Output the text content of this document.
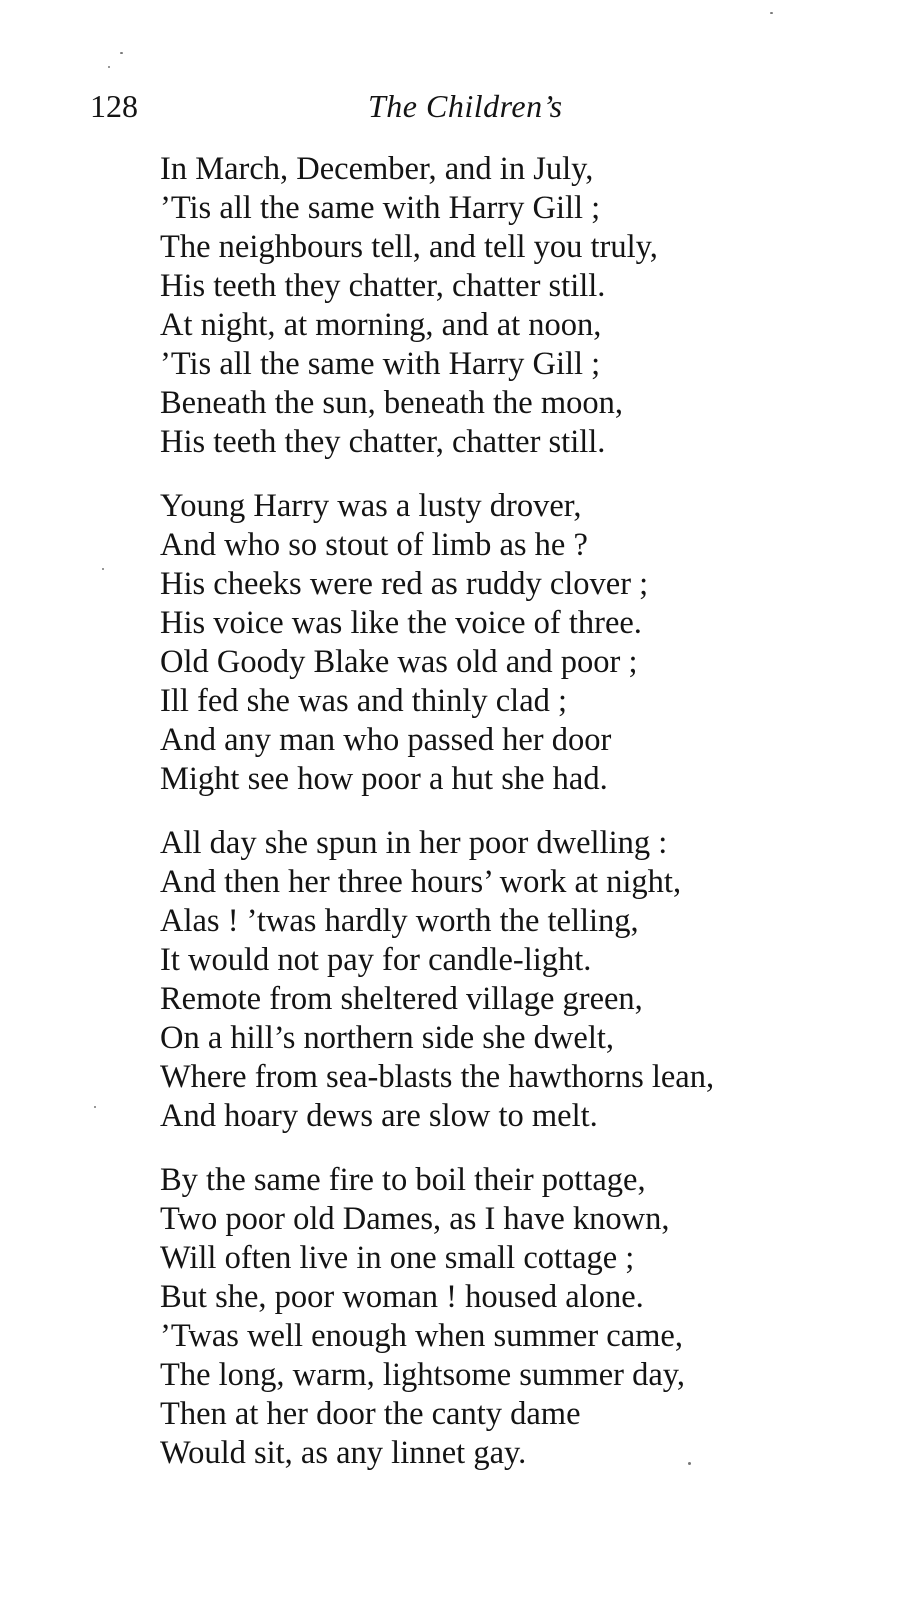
128	The Children’s

In March, December, and in July,
’Tis all the same with Harry Gill ;
The neighbours tell, and tell you truly,
His teeth they chatter, chatter still.
At night, at morning, and at noon,
’Tis all the same with Harry Gill ;
Beneath the sun, beneath the moon,
His teeth they chatter, chatter still.

Young Harry was a lusty drover,
And who so stout of limb as he ?
His cheeks were red as ruddy clover ;
His voice was like the voice of three.
Old Goody Blake was old and poor ;
Ill fed she was and thinly clad ;
And any man who passed her door
Might see how poor a hut she had.

All day she spun in her poor dwelling :
And then her three hours’ work at night,
Alas ! ’twas hardly worth the telling,
It would not pay for candle-light.
Remote from sheltered village green,
On a hill’s northern side she dwelt,
Where from sea-blasts the hawthorns lean,
And hoary dews are slow to melt.

By the same fire to boil their pottage,
Two poor old Dames, as I have known,
Will often live in one small cottage ;
But she, poor woman ! housed alone.
’Twas well enough when summer came,
The long, warm, lightsome summer day,
Then at her door the canty dame
Would sit, as any linnet gay.
